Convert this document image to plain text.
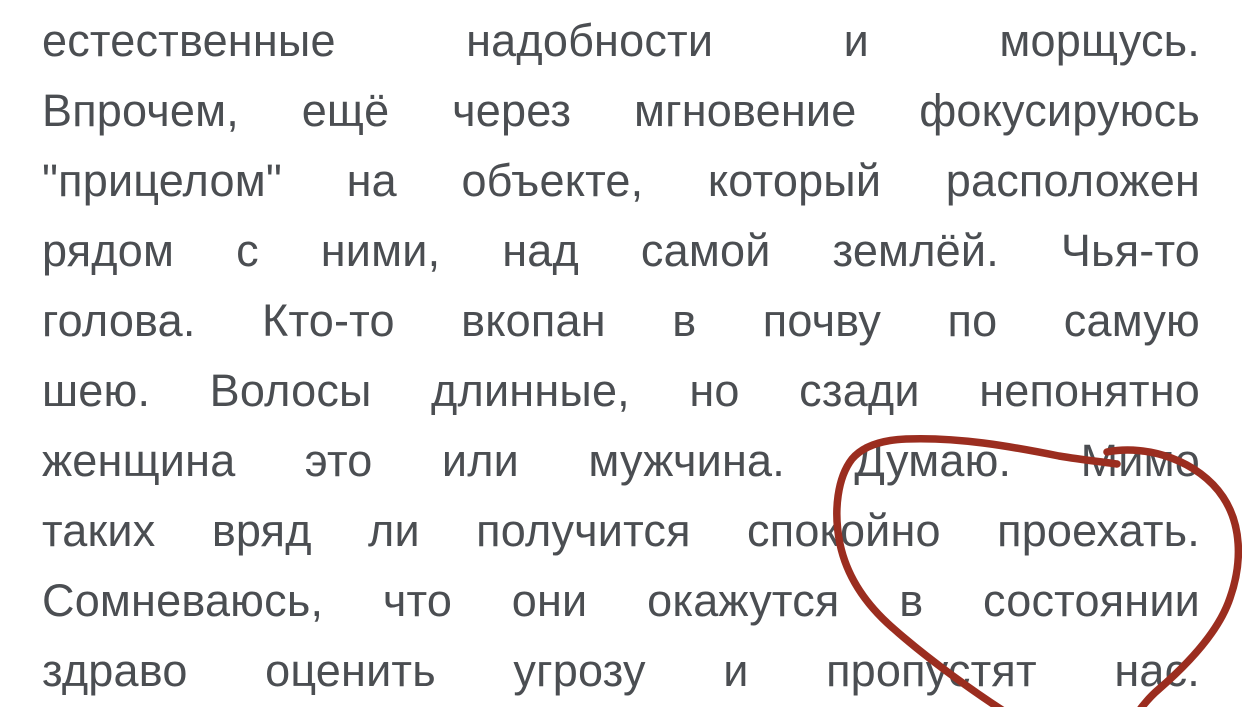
естественные надобности и морщусь.
Впрочем, ещё через мгновение фокусируюсь
"прицелом" на объекте, который расположен
рядом с ними, над самой землёй. Чья-то
голова. Кто-то вкопан в почву по самую
шею. Волосы длинные, но сзади непонятно
женщина это или мужчина. Думаю. Мимо
таких вряд ли получится спокойно проехать.
Сомневаюсь, что они окажутся в состоянии
здраво оценить угрозу и пропустят нас.
